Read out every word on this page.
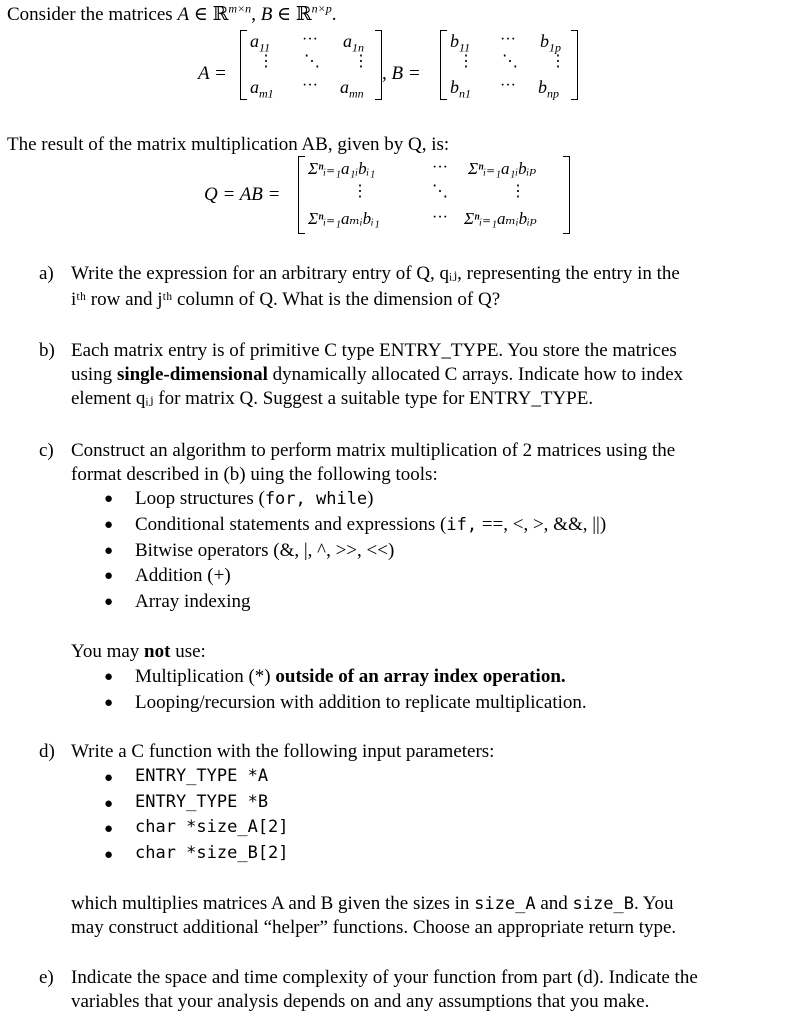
Consider the matrices A ∈ ℝ$^{m\times n}$, B ∈ ℝ$^{n\times p}$.
A =
$a_{11}$ ··· $a_{1n}$
⋮ ⋱ ⋮
$a_{m1}$ ··· $a_{mn}$
, B =
$b_{11}$ ··· $b_{1p}$
⋮ ⋱ ⋮
$b_{n1}$ ··· $b_{np}$
The result of the matrix multiplication AB, given by Q, is:
Q = AB =
Σⁿᵢ₌₁a₁ᵢbᵢ₁	··· Σⁿᵢ₌₁a₁ᵢbᵢₚ
⋮	⋱	⋮
Σⁿᵢ₌₁aₘᵢbᵢ₁	··· Σⁿᵢ₌₁aₘᵢbᵢₚ
a) Write the expression for an arbitrary entry of Q, qᵢⱼ, representing the entry in the
iᵗʰ row and jᵗʰ column of Q. What is the dimension of Q?
b) Each matrix entry is of primitive C type ENTRY_TYPE. You store the matrices
using single-dimensional dynamically allocated C arrays. Indicate how to index
element qᵢⱼ for matrix Q. Suggest a suitable type for ENTRY_TYPE.
c) Construct an algorithm to perform matrix multiplication of 2 matrices using the
format described in (b) uing the following tools:
● Loop structures (for, while)
● Conditional statements and expressions (if, ==, <, >, &&, ||)
● Bitwise operators (&, |, ^, >>, <<)
● Addition (+)
● Array indexing
You may not use:
● Multiplication (*) outside of an array index operation.
● Looping/recursion with addition to replicate multiplication.
d) Write a C function with the following input parameters:
● ENTRY_TYPE *A
● ENTRY_TYPE *B
● char *size_A[2]
● char *size_B[2]
which multiplies matrices A and B given the sizes in size_A and size_B. You
may construct additional “helper” functions. Choose an appropriate return type.
e) Indicate the space and time complexity of your function from part (d). Indicate the
variables that your analysis depends on and any assumptions that you make.
